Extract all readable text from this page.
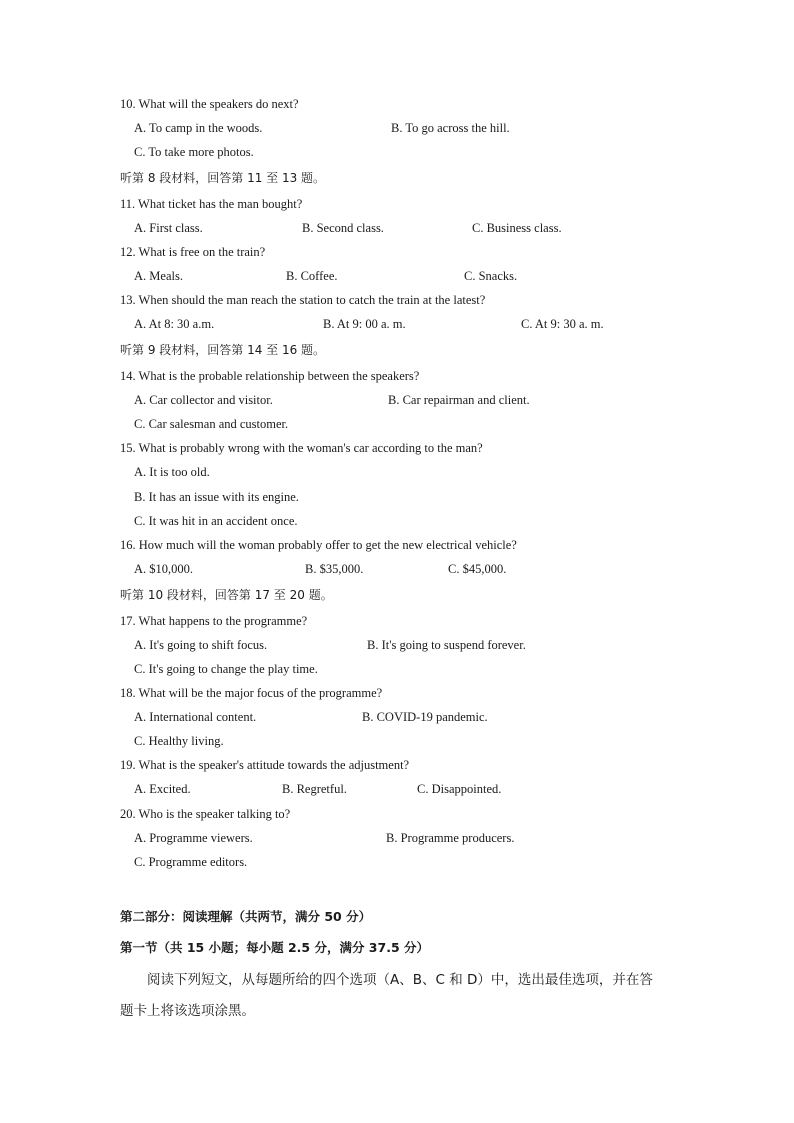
10. What will the speakers do next?
A. To camp in the woods.	B. To go across the hill.
C. To take more photos.
听第 8 段材料，回答第 11 至 13 题。
11. What ticket has the man bought?
A. First class.	B. Second class.	C. Business class.
12. What is free on the train?
A. Meals.	B. Coffee.	C. Snacks.
13. When should the man reach the station to catch the train at the latest?
A. At 8: 30 a.m.	B. At 9: 00 a. m.	C. At 9: 30 a. m.
听第 9 段材料，回答第 14 至 16 题。
14. What is the probable relationship between the speakers?
A. Car collector and visitor.	B. Car repairman and client.
C. Car salesman and customer.
15. What is probably wrong with the woman's car according to the man?
A. It is too old.
B. It has an issue with its engine.
C. It was hit in an accident once.
16. How much will the woman probably offer to get the new electrical vehicle?
A. $10,000.	B. $35,000.	C. $45,000.
听第 10 段材料，回答第 17 至 20 题。
17. What happens to the programme?
A. It's going to shift focus.	B. It's going to suspend forever.
C. It's going to change the play time.
18. What will be the major focus of the programme?
A. International content.	B. COVID-19 pandemic.
C. Healthy living.
19. What is the speaker's attitude towards the adjustment?
A. Excited.	B. Regretful.	C. Disappointed.
20. Who is the speaker talking to?
A. Programme viewers.	B. Programme producers.
C. Programme editors.
第二部分：阅读理解（共两节，满分 50 分）
第一节（共 15 小题；每小题 2.5 分，满分 37.5 分）
阅读下列短文，从每题所给的四个选项（A、B、C 和 D）中，选出最佳选项，并在答
题卡上将该选项涂黑。
